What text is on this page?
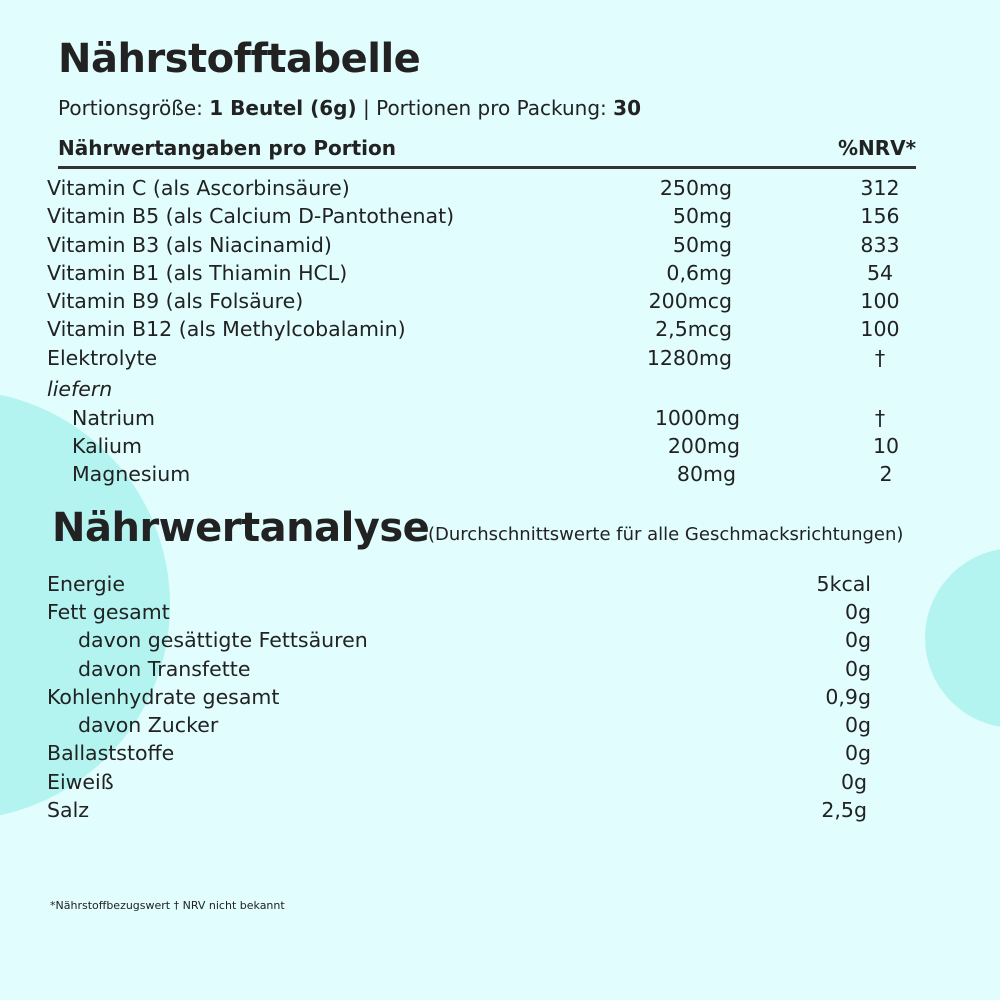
Nährstofftabelle
Portionsgröße: 1 Beutel (6g) | Portionen pro Packung: 30
Nährwertangaben pro Portion	%NRV*
Vitamin C (als Ascorbinsäure)	250mg	312
Vitamin B5 (als Calcium D-Pantothenat)	50mg	156
Vitamin B3 (als Niacinamid)	50mg	833
Vitamin B1 (als Thiamin HCL)	0,6mg	54
Vitamin B9 (als Folsäure)	200mcg	100
Vitamin B12 (als Methylcobalamin)	2,5mcg	100
Elektrolyte	1280mg	†
liefern
Natrium	1000mg	†
Kalium	200mg	10
Magnesium	80mg	2
Nährwertanalyse
(Durchschnittswerte für alle Geschmacksrichtungen)
Energie	5kcal
Fett gesamt	0g
davon gesättigte Fettsäuren	0g
davon Transfette	0g
Kohlenhydrate gesamt	0,9g
davon Zucker	0g
Ballaststoffe	0g
Eiweiß	0g
Salz	2,5g
*Nährstoffbezugswert † NRV nicht bekannt
